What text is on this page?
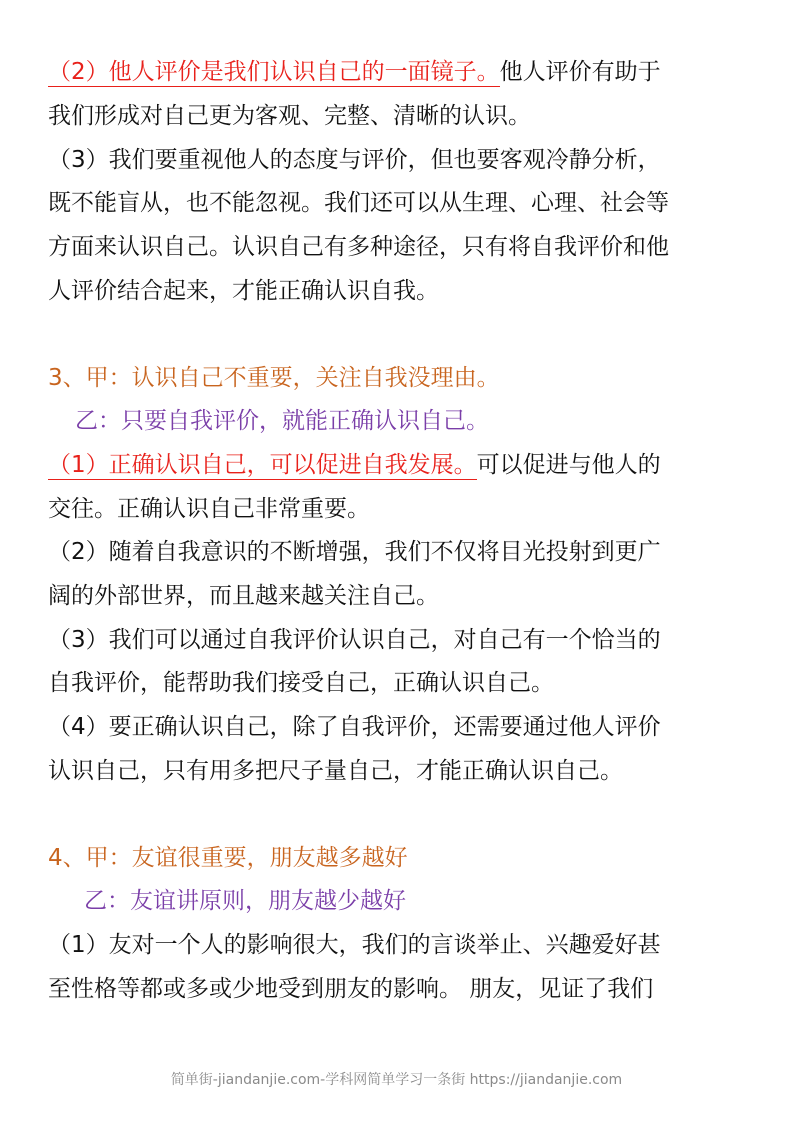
（2）他人评价是我们认识自己的一面镜子。他人评价有助于
我们形成对自己更为客观、完整、清晰的认识。
（3）我们要重视他人的态度与评价，但也要客观冷静分析，
既不能盲从，也不能忽视。我们还可以从生理、心理、社会等
方面来认识自己。认识自己有多种途径，只有将自我评价和他
人评价结合起来，才能正确认识自我。
3、甲：认识自己不重要，关注自我没理由。
乙：只要自我评价，就能正确认识自己。
（1）正确认识自己，可以促进自我发展。可以促进与他人的
交往。正确认识自己非常重要。
（2）随着自我意识的不断增强，我们不仅将目光投射到更广
阔的外部世界，而且越来越关注自己。
（3）我们可以通过自我评价认识自己，对自己有一个恰当的
自我评价，能帮助我们接受自己，正确认识自己。
（4）要正确认识自己，除了自我评价，还需要通过他人评价
认识自己，只有用多把尺子量自己，才能正确认识自己。
4、甲：友谊很重要，朋友越多越好
乙：友谊讲原则，朋友越少越好
（1）友对一个人的影响很大，我们的言谈举止、兴趣爱好甚
至性格等都或多或少地受到朋友的影响。 朋友，见证了我们
简单街-jiandanjie.com-学科网简单学习一条街 https://jiandanjie.com
